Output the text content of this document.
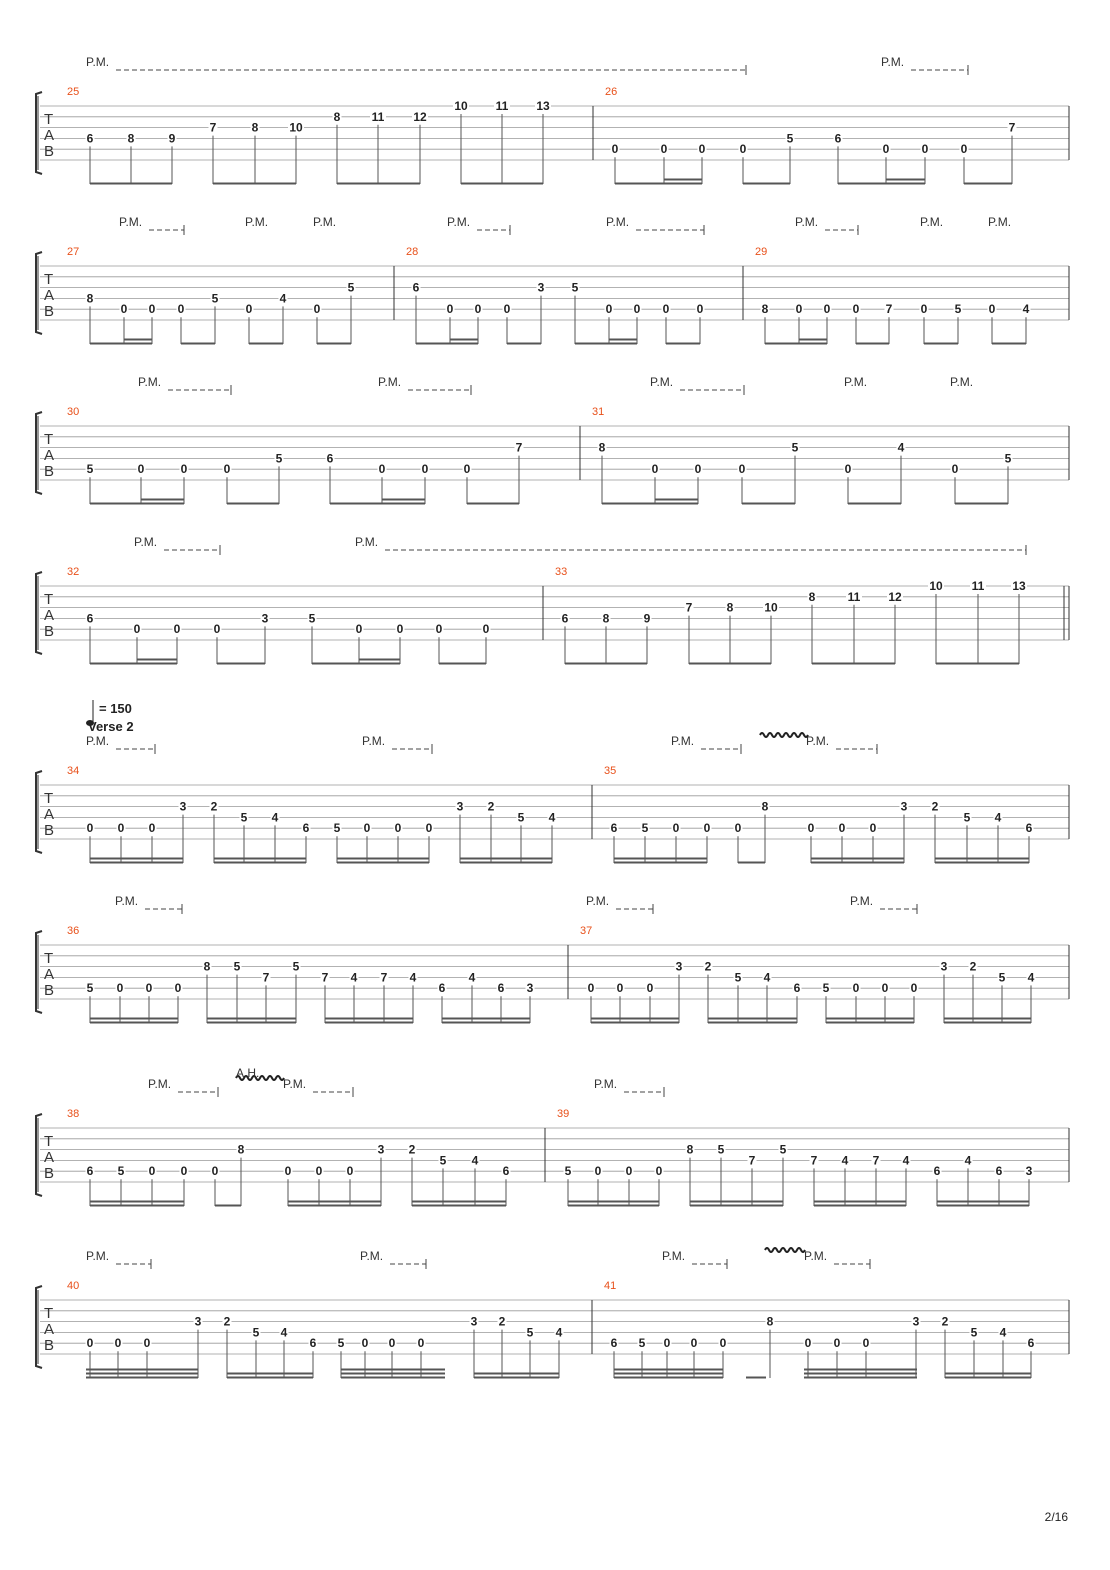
T
A
B
P.M.	P.M.
25
6	8	9
7	8	10
8	11 12
10 11 13
26
0	0	0	0
5	6
0	0	0
7
T
A
B
P.M.	P.M.	P.M.	P.M.	P.M.	P.M.	P.M.	P.M.
27
8
0 0 0
5
0
4
0
5
28
6
0 0 0
3 5
0 0 0 0
29
8 0 0 0 7 0 5 0 4
T
A
B
P.M.	P.M.	P.M.	P.M.	P.M.
30
5	0	0	0
5	6
0	0	0
7
31
8
0	0	0
5
0
4
0
5
T
A
B
P.M.	P.M.
32
6
0	0	0
3	5
0	0	0	0
33
6	8	9
7	8	10
8	11 12
10 11 13
T
A
B
P.M.	P.M.	P.M.	P.M.
34
0 0 0
3 2
5 4
6 5 0 0 0
3 2
5 4
35
6 5 0 0 0
8
0 0 0
3 2
5 4
6
T
A
B
P.M.	P.M.	P.M.
36
5 0 0 0
8 5
7
5
7 4 7 4
6
4
6 3
37
0 0 0
3 2
5 4
6 5 0 0 0
3 2
5 4
T
A
B
P.M.	P.M.	P.M.
A.H.
38
6 5 0 0 0
8
0 0 0
3 2
5 4
6
39
5 0 0 0
8 5
7
5
7 4 7 4
6
4
6 3
T
A
B
P.M.	P.M.	P.M.	P.M.
40
0 0 0
3 2
5 4
6 5 0 0 0
3 2
5 4
41
6 5 0 0 0
8
0 0 0
3 2
5 4
6
= 150
Verse 2
2/16
